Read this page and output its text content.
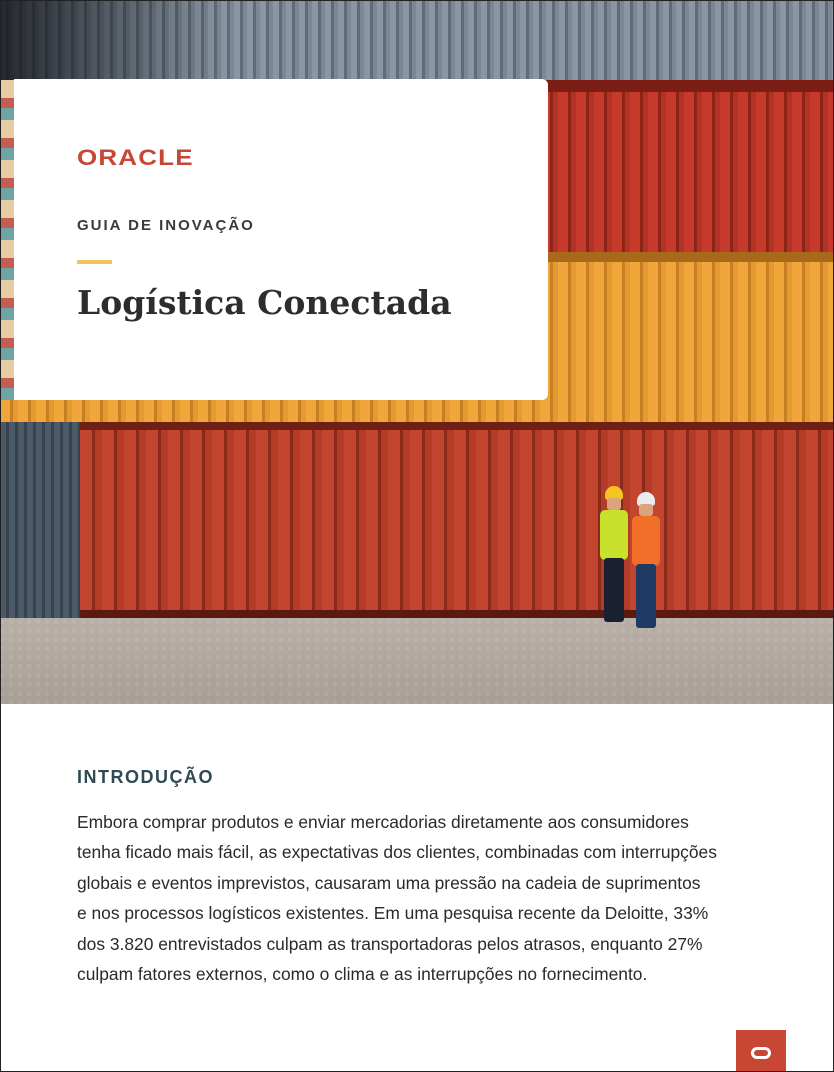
ORACLE
GUIA DE INOVAÇÃO
Logística Conectada
INTRODUÇÃO

Embora comprar produtos e enviar mercadorias diretamente aos consumidores
tenha ficado mais fácil, as expectativas dos clientes, combinadas com interrupções
globais e eventos imprevistos, causaram uma pressão na cadeia de suprimentos
e nos processos logísticos existentes. Em uma pesquisa recente da Deloitte, 33%
dos 3.820 entrevistados culpam as transportadoras pelos atrasos, enquanto 27%
culpam fatores externos, como o clima e as interrupções no fornecimento.
